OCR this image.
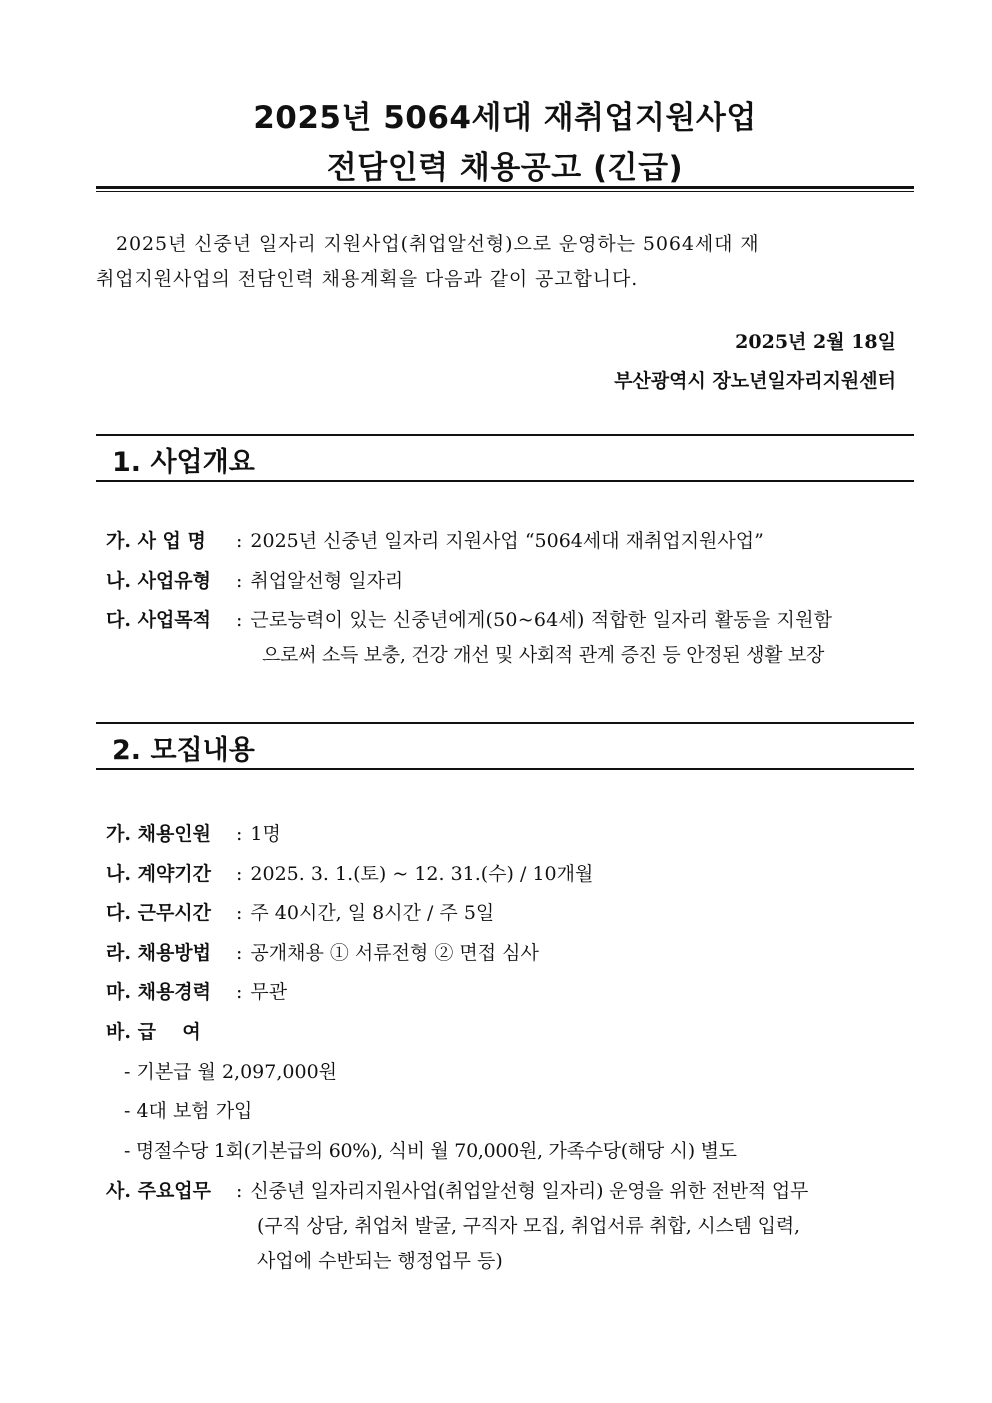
2025년 5064세대 재취업지원사업
전담인력 채용공고 (긴급)
2025년 신중년 일자리 지원사업(취업알선형)으로 운영하는 5064세대 재
취업지원사업의 전담인력 채용계획을 다음과 같이 공고합니다.
2025년 2월 18일
부산광역시 장노년일자리지원센터
1. 사업개요
가. 사 업 명 : 2025년 신중년 일자리 지원사업 “5064세대 재취업지원사업”
나. 사업유형 : 취업알선형 일자리
다. 사업목적 : 근로능력이 있는 신중년에게(50~64세) 적합한 일자리 활동을 지원함
으로써 소득 보충, 건강 개선 및 사회적 관계 증진 등 안정된 생활 보장
2. 모집내용
가. 채용인원 : 1명
나. 계약기간 : 2025. 3. 1.(토) ~ 12. 31.(수) / 10개월
다. 근무시간 : 주 40시간, 일 8시간 / 주 5일
라. 채용방법 : 공개채용 ① 서류전형 ② 면접 심사
마. 채용경력 : 무관
바. 급    여
- 기본급 월 2,097,000원
- 4대 보험 가입
- 명절수당 1회(기본급의 60%), 식비 월 70,000원, 가족수당(해당 시) 별도
사. 주요업무 : 신중년 일자리지원사업(취업알선형 일자리) 운영을 위한 전반적 업무
(구직 상담, 취업처 발굴, 구직자 모집, 취업서류 취합, 시스템 입력,
사업에 수반되는 행정업무 등)
